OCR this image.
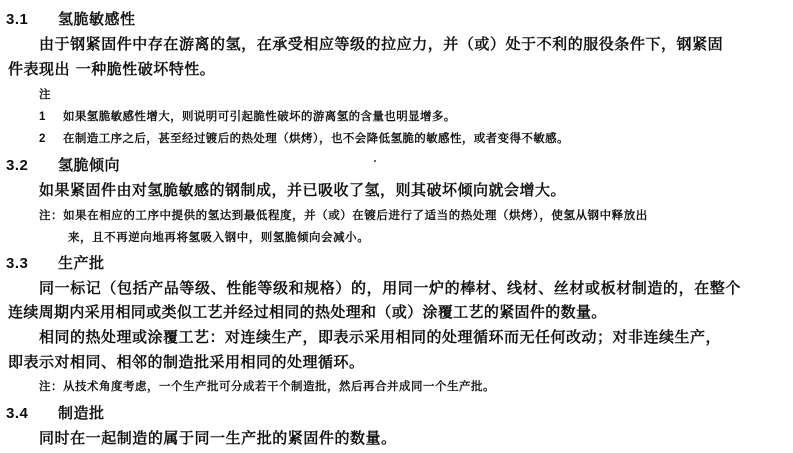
3.1 氢脆敏感性
由于钢紧固件中存在游离的氢，在承受相应等级的拉应力，并（或）处于不利的服役条件下，钢紧固
件表现出 一种脆性破坏特性。
注
1 如果氢脆敏感性增大，则说明可引起脆性破坏的游离氢的含量也明显增多。
2 在制造工序之后，甚至经过镀后的热处理（烘烤），也不会降低氢脆的敏感性，或者变得不敏感。
3.2 氢脆倾向
如果紧固件由对氢脆敏感的钢制成，并已吸收了氢，则其破坏倾向就会增大。
注：如果在相应的工序中提供的氢达到最低程度，并（或）在镀后进行了适当的热处理（烘烤），使氢从钢中释放出
来，且不再逆向地再将氢吸入钢中，则氢脆倾向会减小。
3.3 生产批
同一标记（包括产品等级、性能等级和规格）的，用同一炉的棒材、线材、丝材或板材制造的，在整个
连续周期内采用相同或类似工艺并经过相同的热处理和（或）涂覆工艺的紧固件的数量。
相同的热处理或涂覆工艺：对连续生产，即表示采用相同的处理循环而无任何改动；对非连续生产，
即表示对相同、相邻的制造批采用相同的处理循环。
注：从技术角度考虑，一个生产批可分成若干个制造批，然后再合并成同一个生产批。
3.4 制造批
同时在一起制造的属于同一生产批的紧固件的数量。
